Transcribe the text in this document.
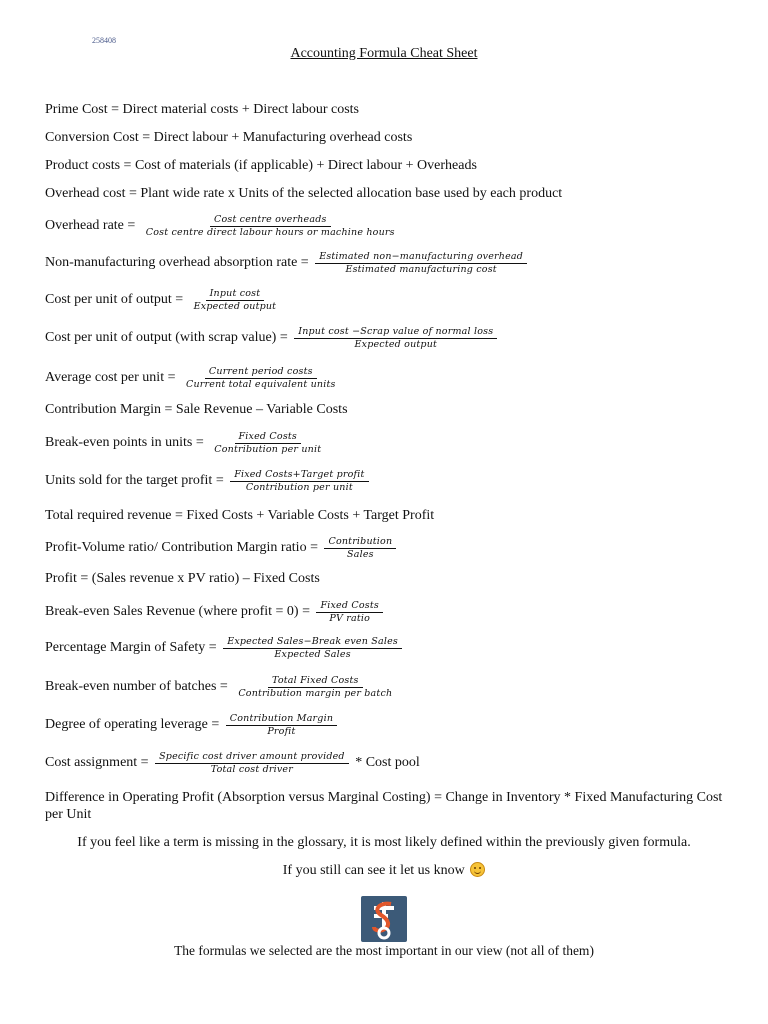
258408
Accounting Formula Cheat Sheet
Prime Cost = Direct material costs + Direct labour costs
Conversion Cost = Direct labour + Manufacturing overhead costs
Product costs = Cost of materials (if applicable) + Direct labour + Overheads
Overhead cost = Plant wide rate x Units of the selected allocation base used by each product
Overhead rate = $\frac{\text{Cost centre overheads}}{\text{Cost centre direct labour hours or machine hours}}$
Non-manufacturing overhead absorption rate = $\frac{\text{Estimated non−manufacturing overhead}}{\text{Estimated manufacturing cost}}$
Cost per unit of output = $\frac{\text{Input cost}}{\text{Expected output}}$
Cost per unit of output (with scrap value) = $\frac{\text{Input cost −Scrap value of normal loss}}{\text{Expected output}}$
Average cost per unit = $\frac{\text{Current period costs}}{\text{Current total equivalent units}}$
Contribution Margin = Sale Revenue – Variable Costs
Break-even points in units = $\frac{\text{Fixed Costs}}{\text{Contribution per unit}}$
Units sold for the target profit = $\frac{\text{Fixed Costs+Target profit}}{\text{Contribution per unit}}$
Total required revenue = Fixed Costs + Variable Costs + Target Profit
Profit-Volume ratio/ Contribution Margin ratio = $\frac{\text{Contribution}}{\text{Sales}}$
Profit = (Sales revenue x PV ratio) – Fixed Costs
Break-even Sales Revenue (where profit = $0) = \frac{\text{Fixed Costs}}{\text{PV ratio}}$
Percentage Margin of Safety = $\frac{\text{Expected Sales−Break even Sales}}{\text{Expected Sales}}$
Break-even number of batches = $\frac{\text{Total Fixed Costs}}{\text{Contribution margin per batch}}$
Degree of operating leverage = $\frac{\text{Contribution Margin}}{\text{Profit}}$
Cost assignment = $\frac{\text{Specific cost driver amount provided}}{\text{Total cost driver}}$ * Cost pool
Difference in Operating Profit (Absorption versus Marginal Costing) = Change in Inventory * Fixed Manufacturing Cost per Unit
If you feel like a term is missing in the glossary, it is most likely defined within the previously given formula.
If you still can see it let us know
The formulas we selected are the most important in our view (not all of them)
